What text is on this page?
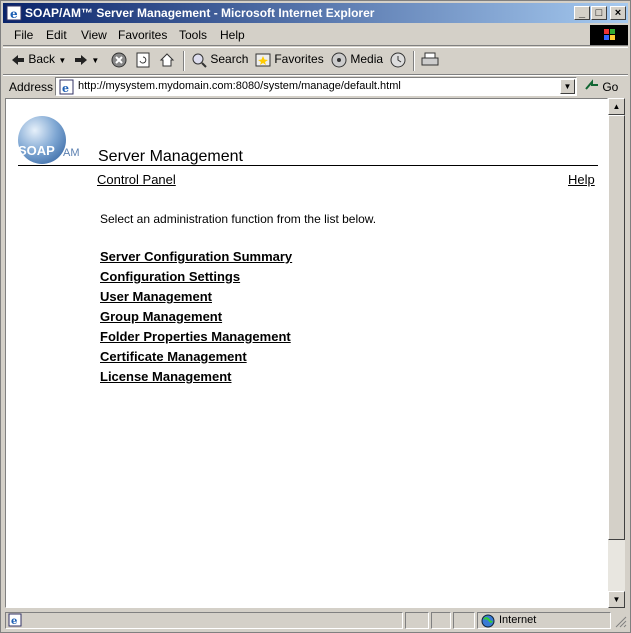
e SOAP/AM™ Server Management - Microsoft Internet Explorer	_ □	×
File Edit View Favorites Tools Help
Back ▼	▼	Search	Favorites	Media
Address e http://mysystem.mydomain.com:8080/system/manage/default.html	▼	Go
SOAP AM Server Management
Control Panel	Help
Select an administration function from the list below.
Server Configuration Summary
Configuration Settings
User Management
Group Management
Folder Properties Management
Certificate Management
License Management
▲
▼
e	Internet
